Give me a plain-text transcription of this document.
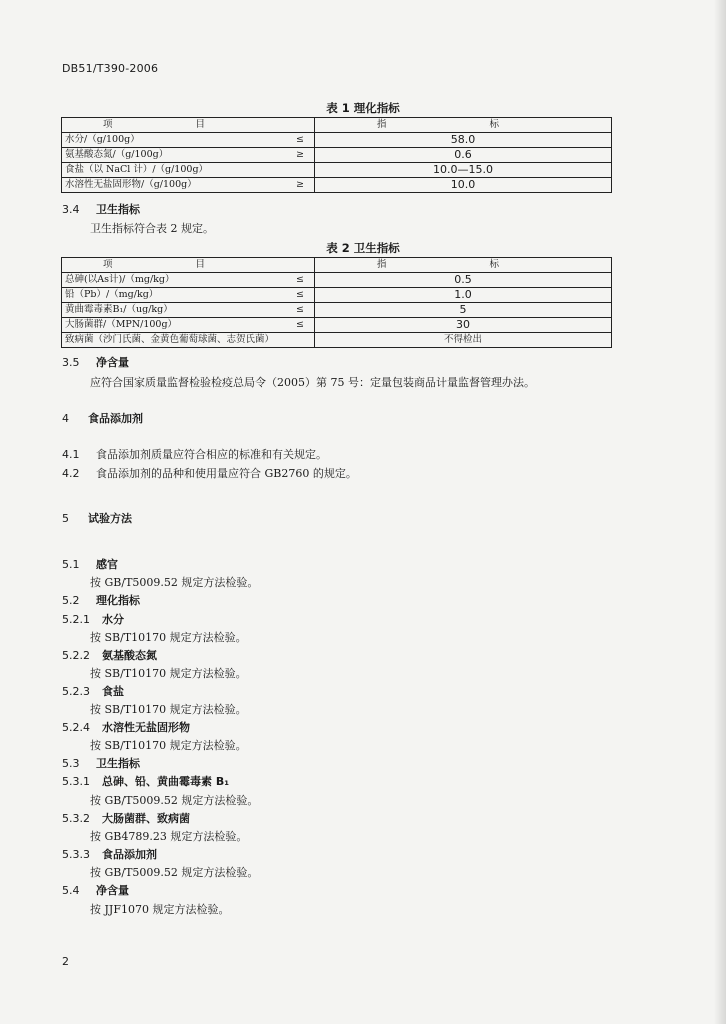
DB51/T390-2006
表 1 理化指标
项 目		指 标
水分/（g/100g）	≤	58.0
氨基酸态氮/（g/100g）	≥	0.6
食盐（以 NaCl 计）/（g/100g）		10.0—15.0
水溶性无盐固形物/（g/100g）	≥	10.0
3.4 卫生指标
卫生指标符合表 2 规定。
表 2 卫生指标
项 目		指 标
总砷(以As计)/（mg/kg）	≤	0.5
铅（Pb）/（mg/kg）	≤	1.0
黄曲霉毒素B₁/（ug/kg）	≤	5
大肠菌群/（MPN/100g）	≤	30
致病菌（沙门氏菌、金黄色葡萄球菌、志贺氏菌）		不得检出
3.5 净含量
应符合国家质量监督检验检疫总局令（2005）第 75 号：定量包装商品计量监督管理办法。
4 食品添加剂
4.1 食品添加剂质量应符合相应的标准和有关规定。
4.2 食品添加剂的品种和使用量应符合 GB2760 的规定。
5 试验方法
5.1 感官
按 GB/T5009.52 规定方法检验。
5.2 理化指标
5.2.1 水分
按 SB/T10170 规定方法检验。
5.2.2 氨基酸态氮
按 SB/T10170 规定方法检验。
5.2.3 食盐
按 SB/T10170 规定方法检验。
5.2.4 水溶性无盐固形物
按 SB/T10170 规定方法检验。
5.3 卫生指标
5.3.1 总砷、铅、黄曲霉毒素 B₁
按 GB/T5009.52 规定方法检验。
5.3.2 大肠菌群、致病菌
按 GB4789.23 规定方法检验。
5.3.3 食品添加剂
按 GB/T5009.52 规定方法检验。
5.4 净含量
按 JJF1070 规定方法检验。
2
